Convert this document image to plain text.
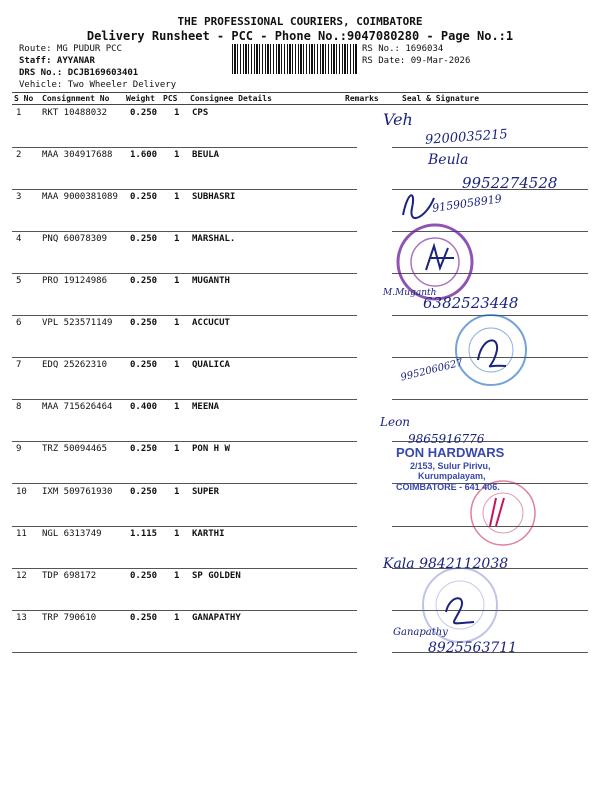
THE PROFESSIONAL COURIERS, COIMBATORE
Delivery Runsheet - PCC - Phone No.:9047080280 - Page No.:1
Route: MG PUDUR PCC
Staff: AYYANAR
DRS No.: DCJB169603401
Vehicle: Two Wheeler Delivery
RS No.: 1696034
RS Date: 09-Mar-2026
S No Consignment No Weight PCS Consignee Details	Remarks	Seal & Signature
1 RKT 10488032	0.250 1 CPS
2 MAA 304917688 1.600 1 BEULA
3 MAA 9000381089 0.250 1 SUBHASRI
4 PNQ 60078309	0.250 1 MARSHAL.
5 PRO 19124986	0.250 1 MUGANTH
6 VPL 523571149 0.250 1 ACCUCUT
7 EDQ 25262310	0.250 1 QUALICA
8 MAA 715626464 0.400 1 MEENA
9 TRZ 50094465	0.250 1 PON H W
10 IXM 509761930 0.250 1 SUPER
11 NGL 6313749	1.115 1 KARTHI
12 TDP 698172	0.250 1 SP GOLDEN
13 TRP 790610	0.250 1 GANAPATHY
PON HARDWARS
2/153, Sulur Pirivu,
Kurumpalayam,
COIMBATORE - 641 406.
Veh
9200035215
Beula
9952274528
9159058919
M.Muganth
6382523448
9952060627
Leon
9865916776
Kala 9842112038
Ganapathy
8925563711
